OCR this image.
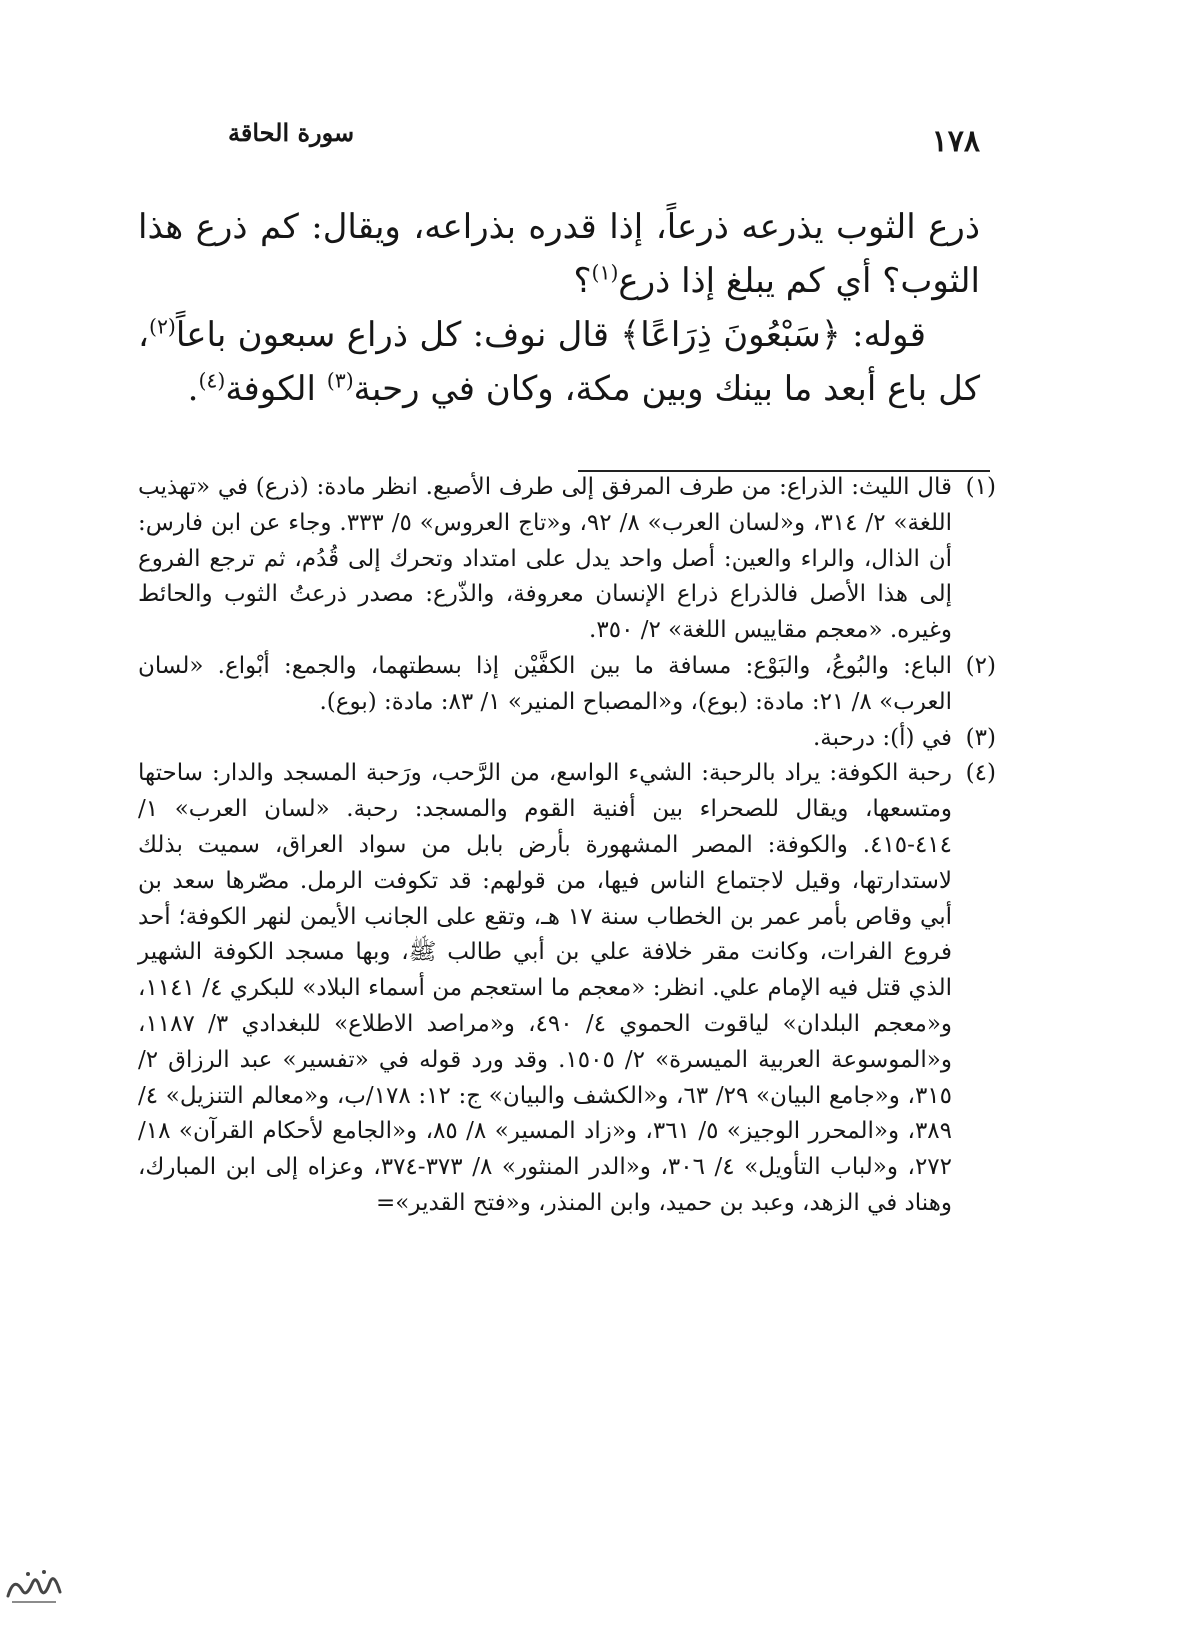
سورة الحاقة	١٧٨

ذرع الثوب يذرعه ذرعاً، إذا قدره بذراعه، ويقال: كم ذرع هذا الثوب؟ أي كم يبلغ إذا ذرع$^{(١)}$؟

قوله: ﴿سَبْعُونَ ذِرَاعًا﴾ قال نوف: كل ذراع سبعون باعاً$^{(٢)}$، كل باع أبعد ما بينك وبين مكة، وكان في رحبة$^{(٣)}$ الكوفة$^{(٤)}$.

(١)
قال الليث: الذراع: من طرف المرفق إلى طرف الأصبع. انظر مادة: (ذرع) في «تهذيب اللغة» ٢/ ٣١٤، و«لسان العرب» ٨/ ٩٢، و«تاج العروس» ٥/ ٣٣٣. وجاء عن ابن فارس: أن الذال، والراء والعين: أصل واحد يدل على امتداد وتحرك إلى قُدُم، ثم ترجع الفروع إلى هذا الأصل فالذراع ذراع الإنسان معروفة، والذّرع: مصدر ذرعتُ الثوب والحائط وغيره. «معجم مقاييس اللغة» ٢/ ٣٥٠.
(٢)
الباع: والبُوعُ، والبَوْع: مسافة ما بين الكفَّيْن إذا بسطتهما، والجمع: أبْواع. «لسان العرب» ٨/ ٢١: مادة: (بوع)، و«المصباح المنير» ١/ ٨٣: مادة: (بوع).
(٣)
في (أ): درحبة.
(٤)
رحبة الكوفة: يراد بالرحبة: الشيء الواسع، من الرَّحب، ورَحبة المسجد والدار: ساحتها ومتسعها، ويقال للصحراء بين أفنية القوم والمسجد: رحبة. «لسان العرب» ١/ ٤١٤-٤١٥. والكوفة: المصر المشهورة بأرض بابل من سواد العراق، سميت بذلك لاستدارتها، وقيل لاجتماع الناس فيها، من قولهم: قد تكوفت الرمل. مصّرها سعد بن أبي وقاص بأمر عمر بن الخطاب سنة ١٧ هـ، وتقع على الجانب الأيمن لنهر الكوفة؛ أحد فروع الفرات، وكانت مقر خلافة علي بن أبي طالب ﷺ، وبها مسجد الكوفة الشهير الذي قتل فيه الإمام علي. انظر: «معجم ما استعجم من أسماء البلاد» للبكري ٤/ ١١٤١، و«معجم البلدان» لياقوت الحموي ٤/ ٤٩٠، و«مراصد الاطلاع» للبغدادي ٣/ ١١٨٧، و«الموسوعة العربية الميسرة» ٢/ ١٥٠٥. وقد ورد قوله في «تفسير» عبد الرزاق ٢/ ٣١٥، و«جامع البيان» ٢٩/ ٦٣، و«الكشف والبيان» ج: ١٢: ١٧٨/ب، و«معالم التنزيل» ٤/ ٣٨٩، و«المحرر الوجيز» ٥/ ٣٦١، و«زاد المسير» ٨/ ٨٥، و«الجامع لأحكام القرآن» ١٨/ ٢٧٢، و«لباب التأويل» ٤/ ٣٠٦، و«الدر المنثور» ٨/ ٣٧٣-٣٧٤، وعزاه إلى ابن المبارك، وهناد في الزهد، وعبد بن حميد، وابن المنذر، و«فتح القدير»=
